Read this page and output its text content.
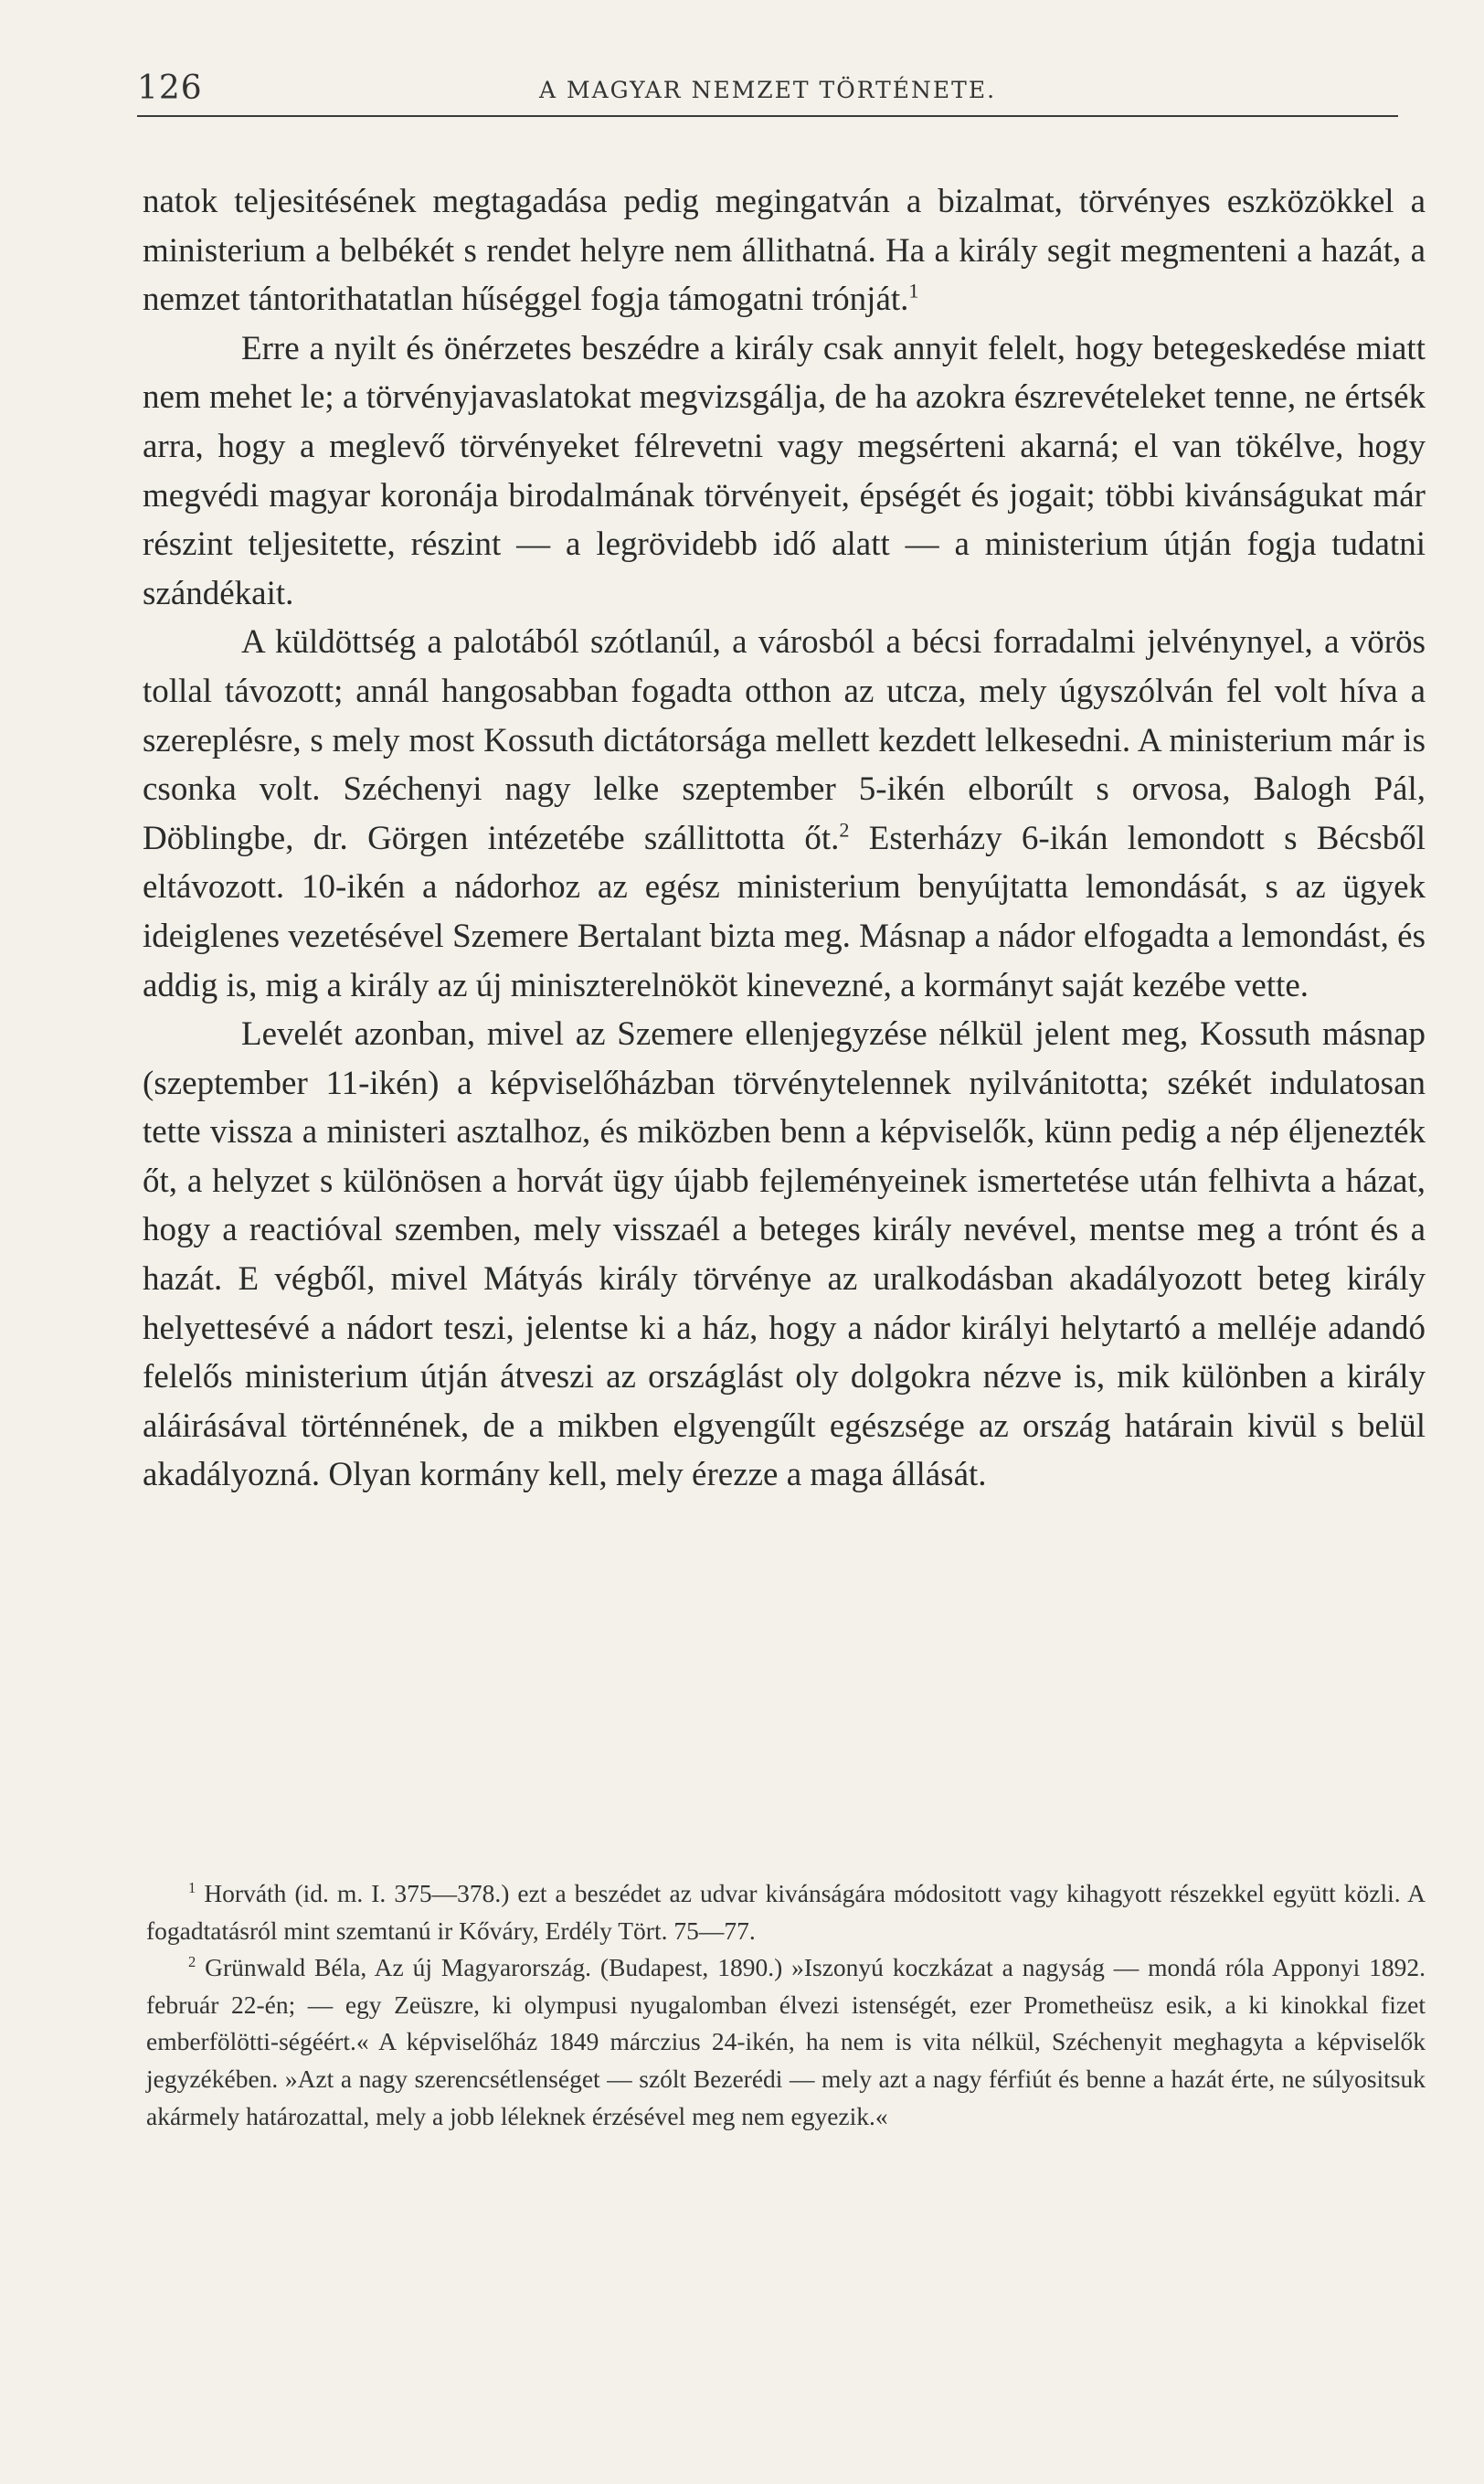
126	A MAGYAR NEMZET TÖRTÉNETE.

natok teljesitésének megtagadása pedig megingatván a bizalmat, törvényes eszközökkel a ministerium a belbékét s rendet helyre nem állithatná. Ha a király segit megmenteni a hazát, a nemzet tántorithatatlan hűséggel fogja támogatni trónját.$^1$

Erre a nyilt és önérzetes beszédre a király csak annyit felelt, hogy betegeskedése miatt nem mehet le; a törvényjavaslatokat megvizsgálja, de ha azokra észrevételeket tenne, ne értsék arra, hogy a meglevő törvényeket félrevetni vagy megsérteni akarná; el van tökélve, hogy megvédi magyar koronája birodalmának törvényeit, épségét és jogait; többi kivánságukat már részint teljesitette, részint — a legrövidebb idő alatt — a ministerium útján fogja tudatni szándékait.

A küldöttség a palotából szótlanúl, a városból a bécsi forradalmi jelvénynyel, a vörös tollal távozott; annál hangosabban fogadta otthon az utcza, mely úgyszólván fel volt híva a szereplésre, s mely most Kossuth dictátorsága mellett kezdett lelkesedni. A ministerium már is csonka volt. Széchenyi nagy lelke szeptember 5-ikén elborúlt s orvosa, Balogh Pál, Döblingbe, dr. Görgen intézetébe szállittotta őt.$^2$ Esterházy 6-ikán lemondott s Bécsből eltávozott. 10-ikén a nádorhoz az egész ministerium benyújtatta lemondását, s az ügyek ideiglenes vezetésével Szemere Bertalant bizta meg. Másnap a nádor elfogadta a lemondást, és addig is, mig a király az új miniszterelnököt kinevezné, a kormányt saját kezébe vette.

Levelét azonban, mivel az Szemere ellenjegyzése nélkül jelent meg, Kossuth másnap (szeptember 11-ikén) a képviselőházban törvénytelennek nyilvánitotta; székét indulatosan tette vissza a ministeri asztalhoz, és miközben benn a képviselők, künn pedig a nép éljenezték őt, a helyzet s különösen a horvát ügy újabb fejleményeinek ismertetése után felhivta a házat, hogy a reactióval szemben, mely visszaél a beteges király nevével, mentse meg a trónt és a hazát. E végből, mivel Mátyás király törvénye az uralkodásban akadályozott beteg király helyettesévé a nádort teszi, jelentse ki a ház, hogy a nádor királyi helytartó a melléje adandó felelős ministerium útján átveszi az országlást oly dolgokra nézve is, mik különben a király aláirásával történnének, de a mikben elgyengűlt egészsége az ország határain kivül s belül akadályozná. Olyan kormány kell, mely érezze a maga állását.

$^1$ Horváth (id. m. I. 375—378.) ezt a beszédet az udvar kivánságára módositott vagy kihagyott részekkel együtt közli. A fogadtatásról mint szemtanú ir Kőváry, Erdély Tört. 75—77.

$^2$ Grünwald Béla, Az új Magyarország. (Budapest, 1890.) »Iszonyú koczkázat a nagyság — mondá róla Apponyi 1892. február 22-én; — egy Zeüszre, ki olympusi nyugalomban élvezi istenségét, ezer Prometheüsz esik, a ki kinokkal fizet emberfölötti-ségéért.« A képviselőház 1849 márczius 24-ikén, ha nem is vita nélkül, Széchenyit meghagyta a képviselők jegyzékében. »Azt a nagy szerencsétlenséget — szólt Bezerédi — mely azt a nagy férfiút és benne a hazát érte, ne súlyositsuk akármely határozattal, mely a jobb léleknek érzésével meg nem egyezik.«
